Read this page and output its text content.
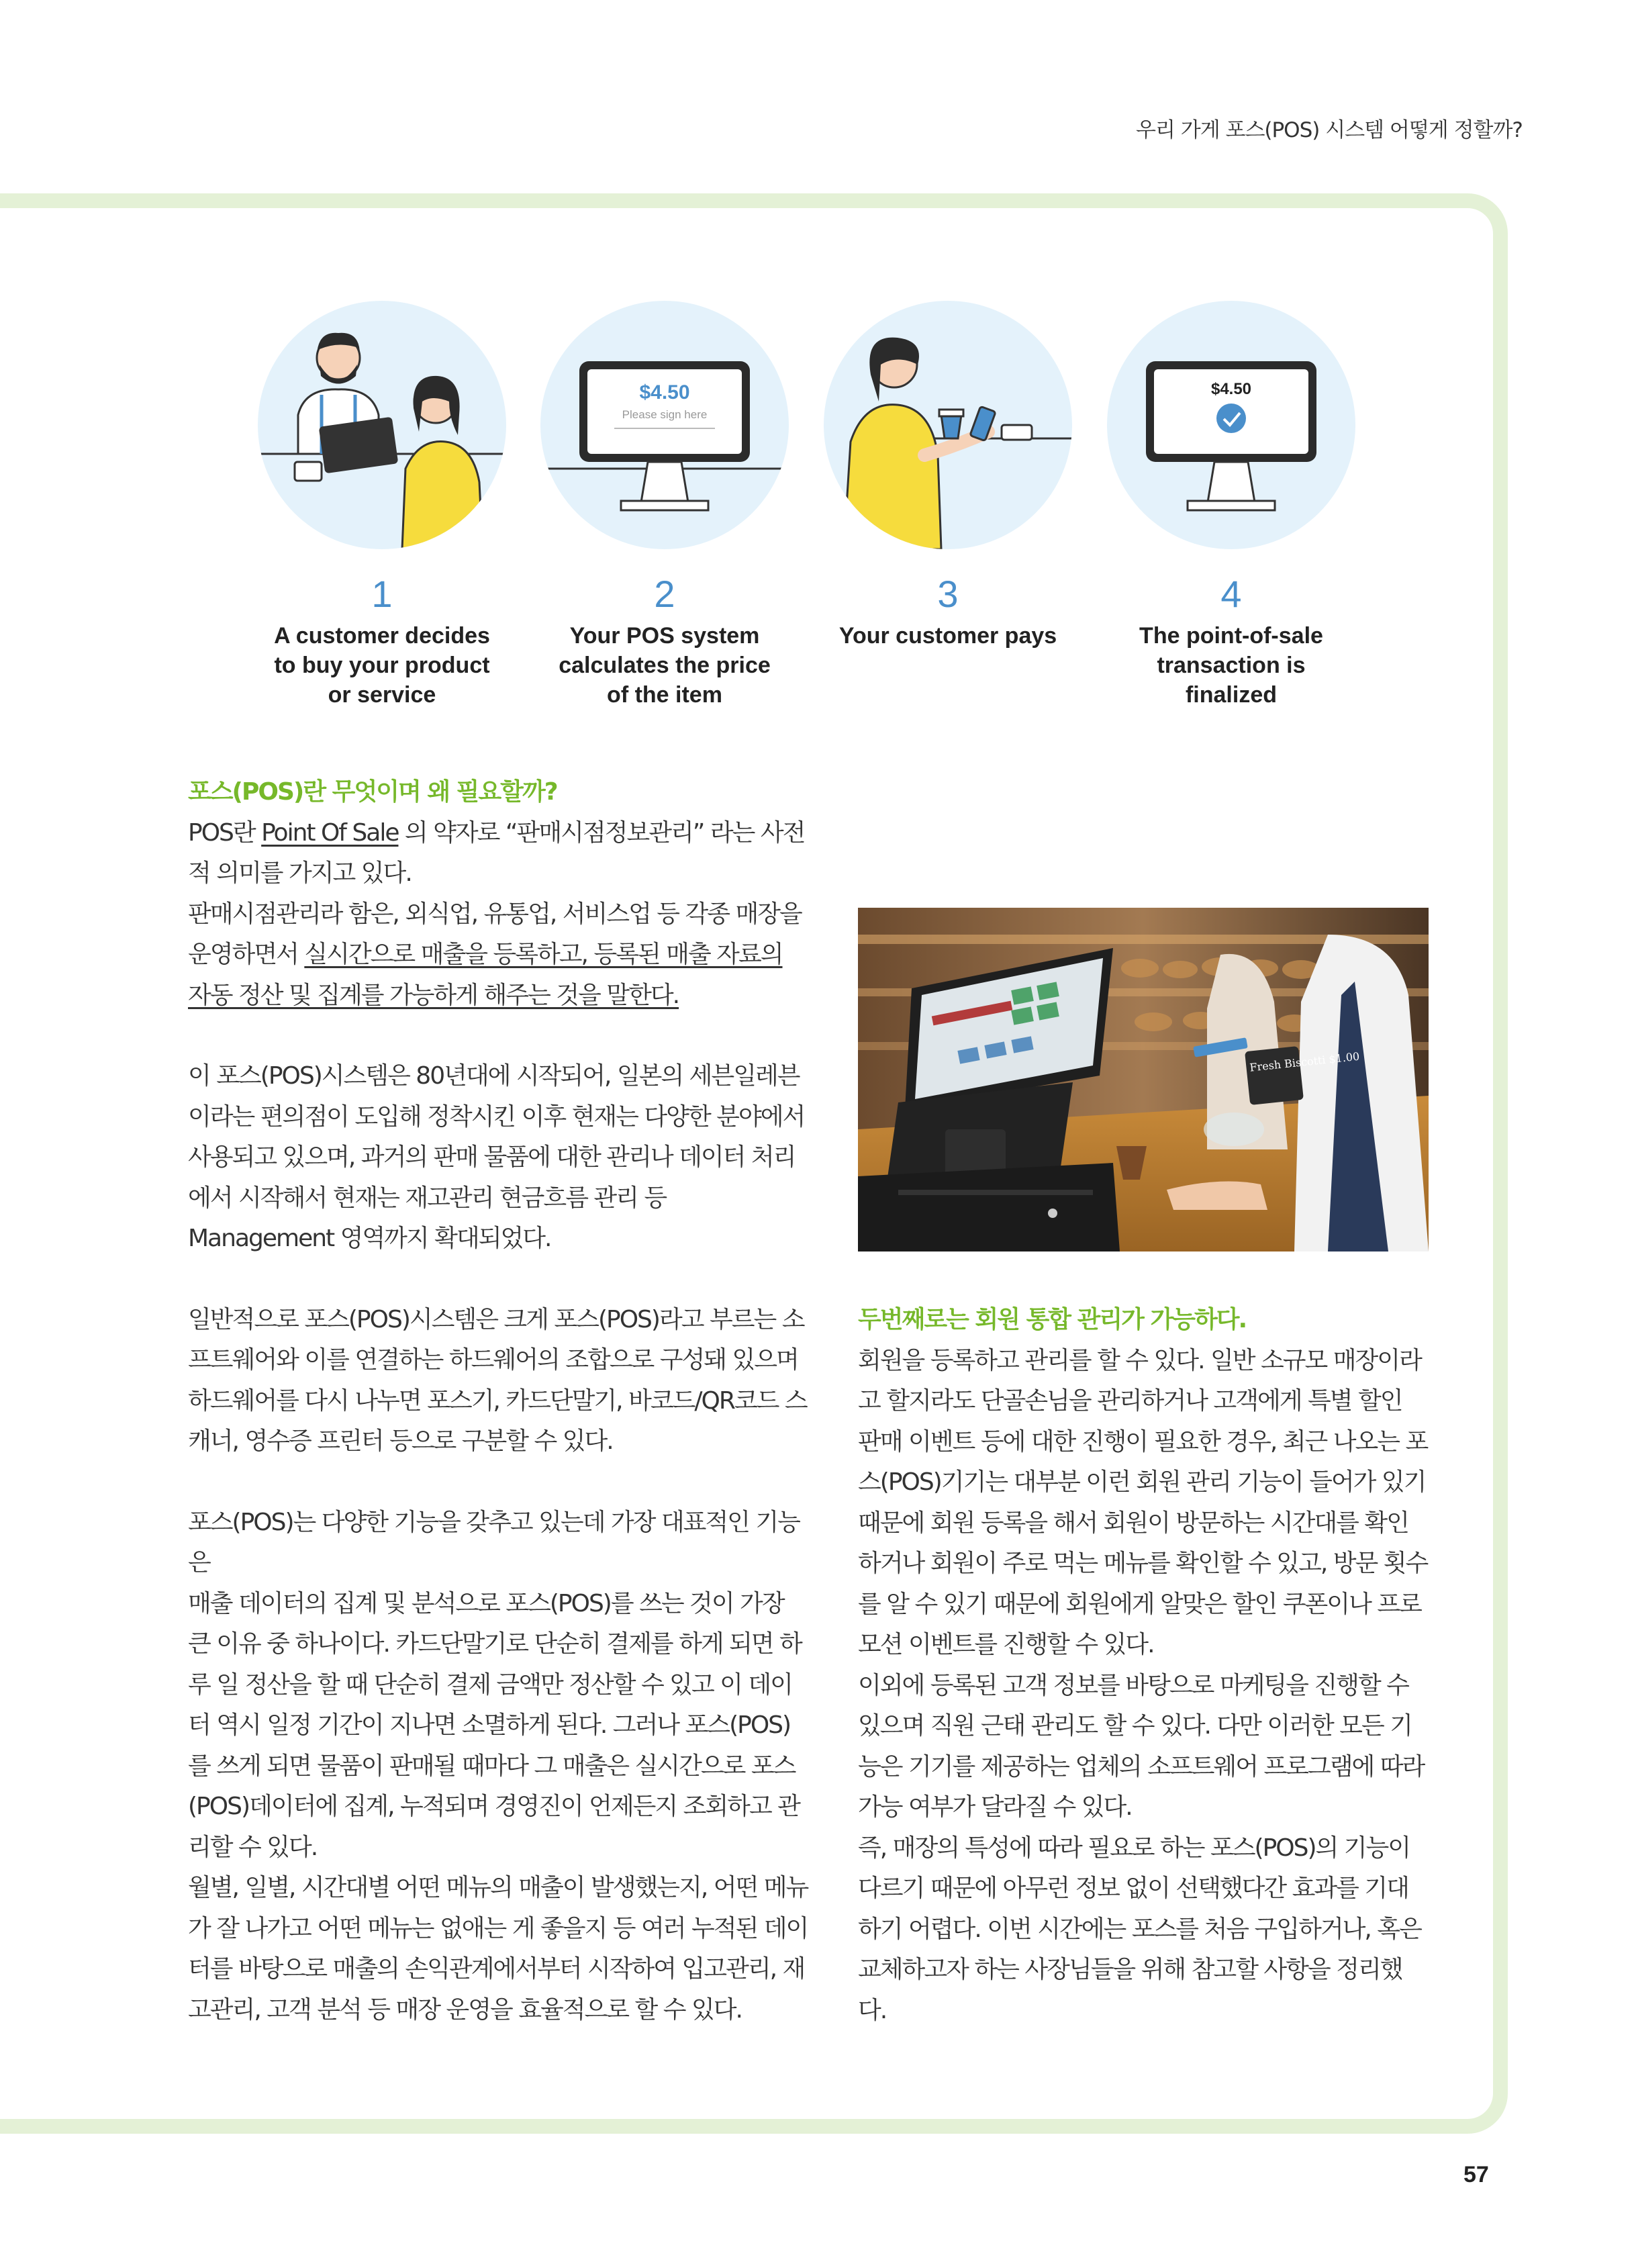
우리 가게 포스(POS) 시스템 어떻게 정할까?
1
A customer decides
to buy your product
or service
$4.50
Please sign here
2
Your POS system
calculates the price
of the item
3
Your customer pays
$4.50
4
The point-of-sale
transaction is
finalized

포스(POS)란 무엇이며 왜 필요할까?

POS란 Point Of Sale 의 약자로 “판매시점정보관리” 라는 사전적 의미를 가지고 있다.

판매시점관리라 함은, 외식업, 유통업, 서비스업 등 각종 매장을 운영하면서 실시간으로 매출을 등록하고, 등록된 매출 자료의 자동 정산 및 집계를 가능하게 해주는 것을 말한다.

이 포스(POS)시스템은 80년대에 시작되어, 일본의 세븐일레븐이라는 편의점이 도입해 정착시킨 이후 현재는 다양한 분야에서 사용되고 있으며, 과거의 판매 물품에 대한 관리나 데이터 처리에서 시작해서 현재는 재고관리 현금흐름 관리 등 Management 영역까지 확대되었다.

일반적으로 포스(POS)시스템은 크게 포스(POS)라고 부르는 소프트웨어와 이를 연결하는 하드웨어의 조합으로 구성돼 있으며 하드웨어를 다시 나누면 포스기, 카드단말기, 바코드/QR코드 스캐너, 영수증 프린터 등으로 구분할 수 있다.

포스(POS)는 다양한 기능을 갖추고 있는데 가장 대표적인 기능은

매출 데이터의 집계 및 분석으로 포스(POS)를 쓰는 것이 가장 큰 이유 중 하나이다. 카드단말기로 단순히 결제를 하게 되면 하루 일 정산을 할 때 단순히 결제 금액만 정산할 수 있고 이 데이터 역시 일정 기간이 지나면 소멸하게 된다. 그러나 포스(POS)를 쓰게 되면 물품이 판매될 때마다 그 매출은 실시간으로 포스(POS)데이터에 집계, 누적되며 경영진이 언제든지 조회하고 관리할 수 있다.

월별, 일별, 시간대별 어떤 메뉴의 매출이 발생했는지, 어떤 메뉴가 잘 나가고 어떤 메뉴는 없애는 게 좋을지 등 여러 누적된 데이터를 바탕으로 매출의 손익관계에서부터 시작하여 입고관리, 재고관리, 고객 분석 등 매장 운영을 효율적으로 할 수 있다.

Fresh Biscotti $1.00

두번째로는 회원 통합 관리가 가능하다.

회원을 등록하고 관리를 할 수 있다. 일반 소규모 매장이라고 할지라도 단골손님을 관리하거나 고객에게 특별 할인 판매 이벤트 등에 대한 진행이 필요한 경우, 최근 나오는 포스(POS)기기는 대부분 이런 회원 관리 기능이 들어가 있기 때문에 회원 등록을 해서 회원이 방문하는 시간대를 확인하거나 회원이 주로 먹는 메뉴를 확인할 수 있고, 방문 횟수를 알 수 있기 때문에 회원에게 알맞은 할인 쿠폰이나 프로모션 이벤트를 진행할 수 있다.

이외에 등록된 고객 정보를 바탕으로 마케팅을 진행할 수 있으며 직원 근태 관리도 할 수 있다. 다만 이러한 모든 기능은 기기를 제공하는 업체의 소프트웨어 프로그램에 따라 가능 여부가 달라질 수 있다.

즉, 매장의 특성에 따라 필요로 하는 포스(POS)의 기능이 다르기 때문에 아무런 정보 없이 선택했다간 효과를 기대하기 어렵다. 이번 시간에는 포스를 처음 구입하거나, 혹은 교체하고자 하는 사장님들을 위해 참고할 사항을 정리했다.

57
